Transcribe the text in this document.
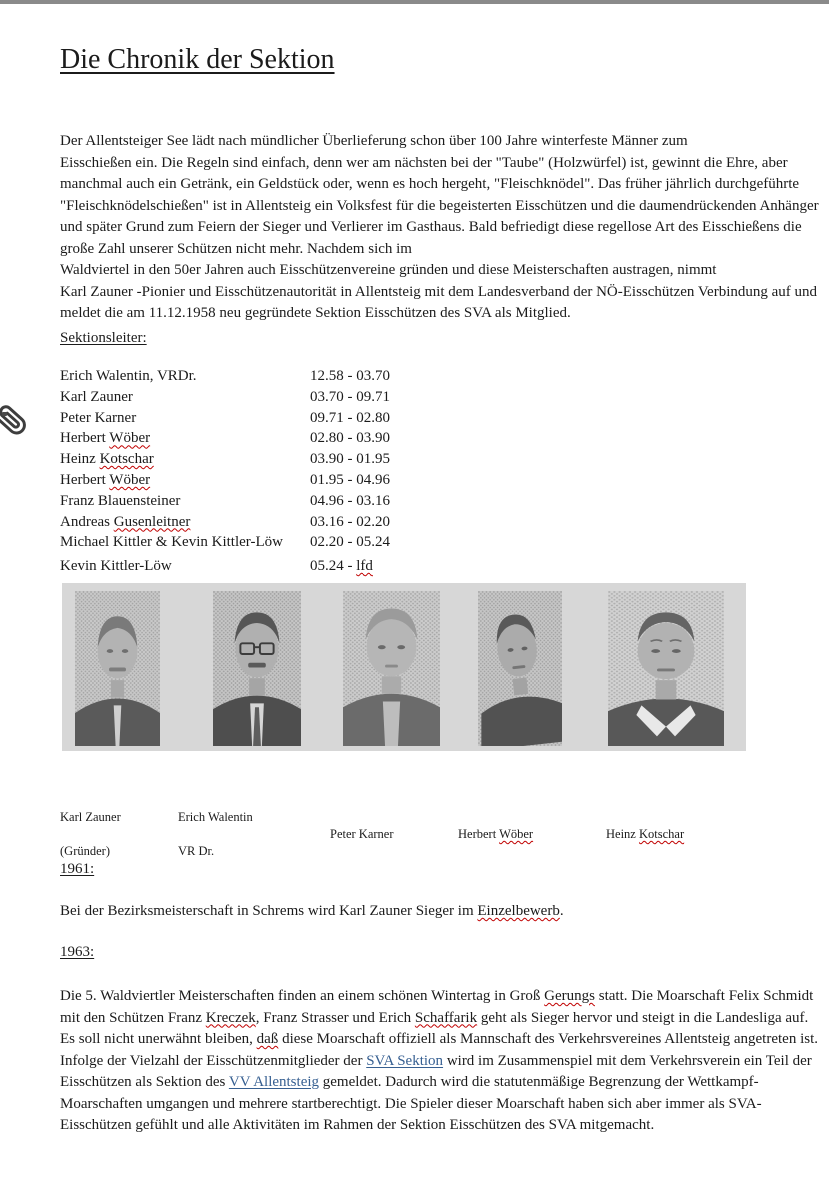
Die Chronik der Sektion
Der Allentsteiger See lädt nach mündlicher Überlieferung schon über 100 Jahre winterfeste Männer zum
Eisschießen ein. Die Regeln sind einfach, denn wer am nächsten bei der "Taube" (Holzwürfel) ist, gewinnt die Ehre, aber
manchmal auch ein Getränk, ein Geldstück oder, wenn es hoch hergeht, "Fleischknödel". Das früher jährlich durchgeführte
"Fleischknödelschießen" ist in Allentsteig ein Volksfest für die begeisterten Eisschützen und die daumendrückenden Anhänger
und später Grund zum Feiern der Sieger und Verlierer im Gasthaus. Bald befriedigt diese regellose Art des Eisschießens die
große Zahl unserer Schützen nicht mehr. Nachdem sich im
Waldviertel in den 50er Jahren auch Eisschützenvereine gründen und diese Meisterschaften austragen, nimmt
Karl Zauner -Pionier und Eisschützenautorität in Allentsteig mit dem Landesverband der NÖ-Eisschützen Verbindung auf und
meldet die am 11.12.1958 neu gegründete Sektion Eisschützen des SVA als Mitglied.
Sektionsleiter:
Erich Walentin, VRDr.	12.58 - 03.70
Karl Zauner	03.70 - 09.71
Peter Karner	09.71 - 02.80
Herbert Wöber	02.80 - 03.90
Heinz Kotschar	03.90 - 01.95
Herbert Wöber	01.95 - 04.96
Franz Blauensteiner	04.96 - 03.16
Andreas Gusenleitner	03.16 - 02.20
Michael Kittler & Kevin Kittler-Löw	02.20 - 05.24
Kevin Kittler-Löw	05.24 - lfd
Karl Zauner	Erich Walentin
Peter Karner	Herbert Wöber	Heinz Kotschar
(Gründer)	VR Dr.
1961:
Bei der Bezirksmeisterschaft in Schrems wird Karl Zauner Sieger im Einzelbewerb.
1963:
Die 5. Waldviertler Meisterschaften finden an einem schönen Wintertag in Groß Gerungs statt. Die Moarschaft Felix Schmidt
mit den Schützen Franz Kreczek, Franz Strasser und Erich Schaffarik geht als Sieger hervor und steigt in die Landesliga auf.
Es soll nicht unerwähnt bleiben, daß diese Moarschaft offiziell als Mannschaft des Verkehrsvereines Allentsteig angetreten ist.
Infolge der Vielzahl der Eisschützenmitglieder der SVA Sektion wird im Zusammenspiel mit dem Verkehrsverein ein Teil der
Eisschützen als Sektion des VV Allentsteig gemeldet. Dadurch wird die statutenmäßige Begrenzung der Wettkampf-
Moarschaften umgangen und mehrere startberechtigt. Die Spieler dieser Moarschaft haben sich aber immer als SVA-
Eisschützen gefühlt und alle Aktivitäten im Rahmen der Sektion Eisschützen des SVA mitgemacht.
